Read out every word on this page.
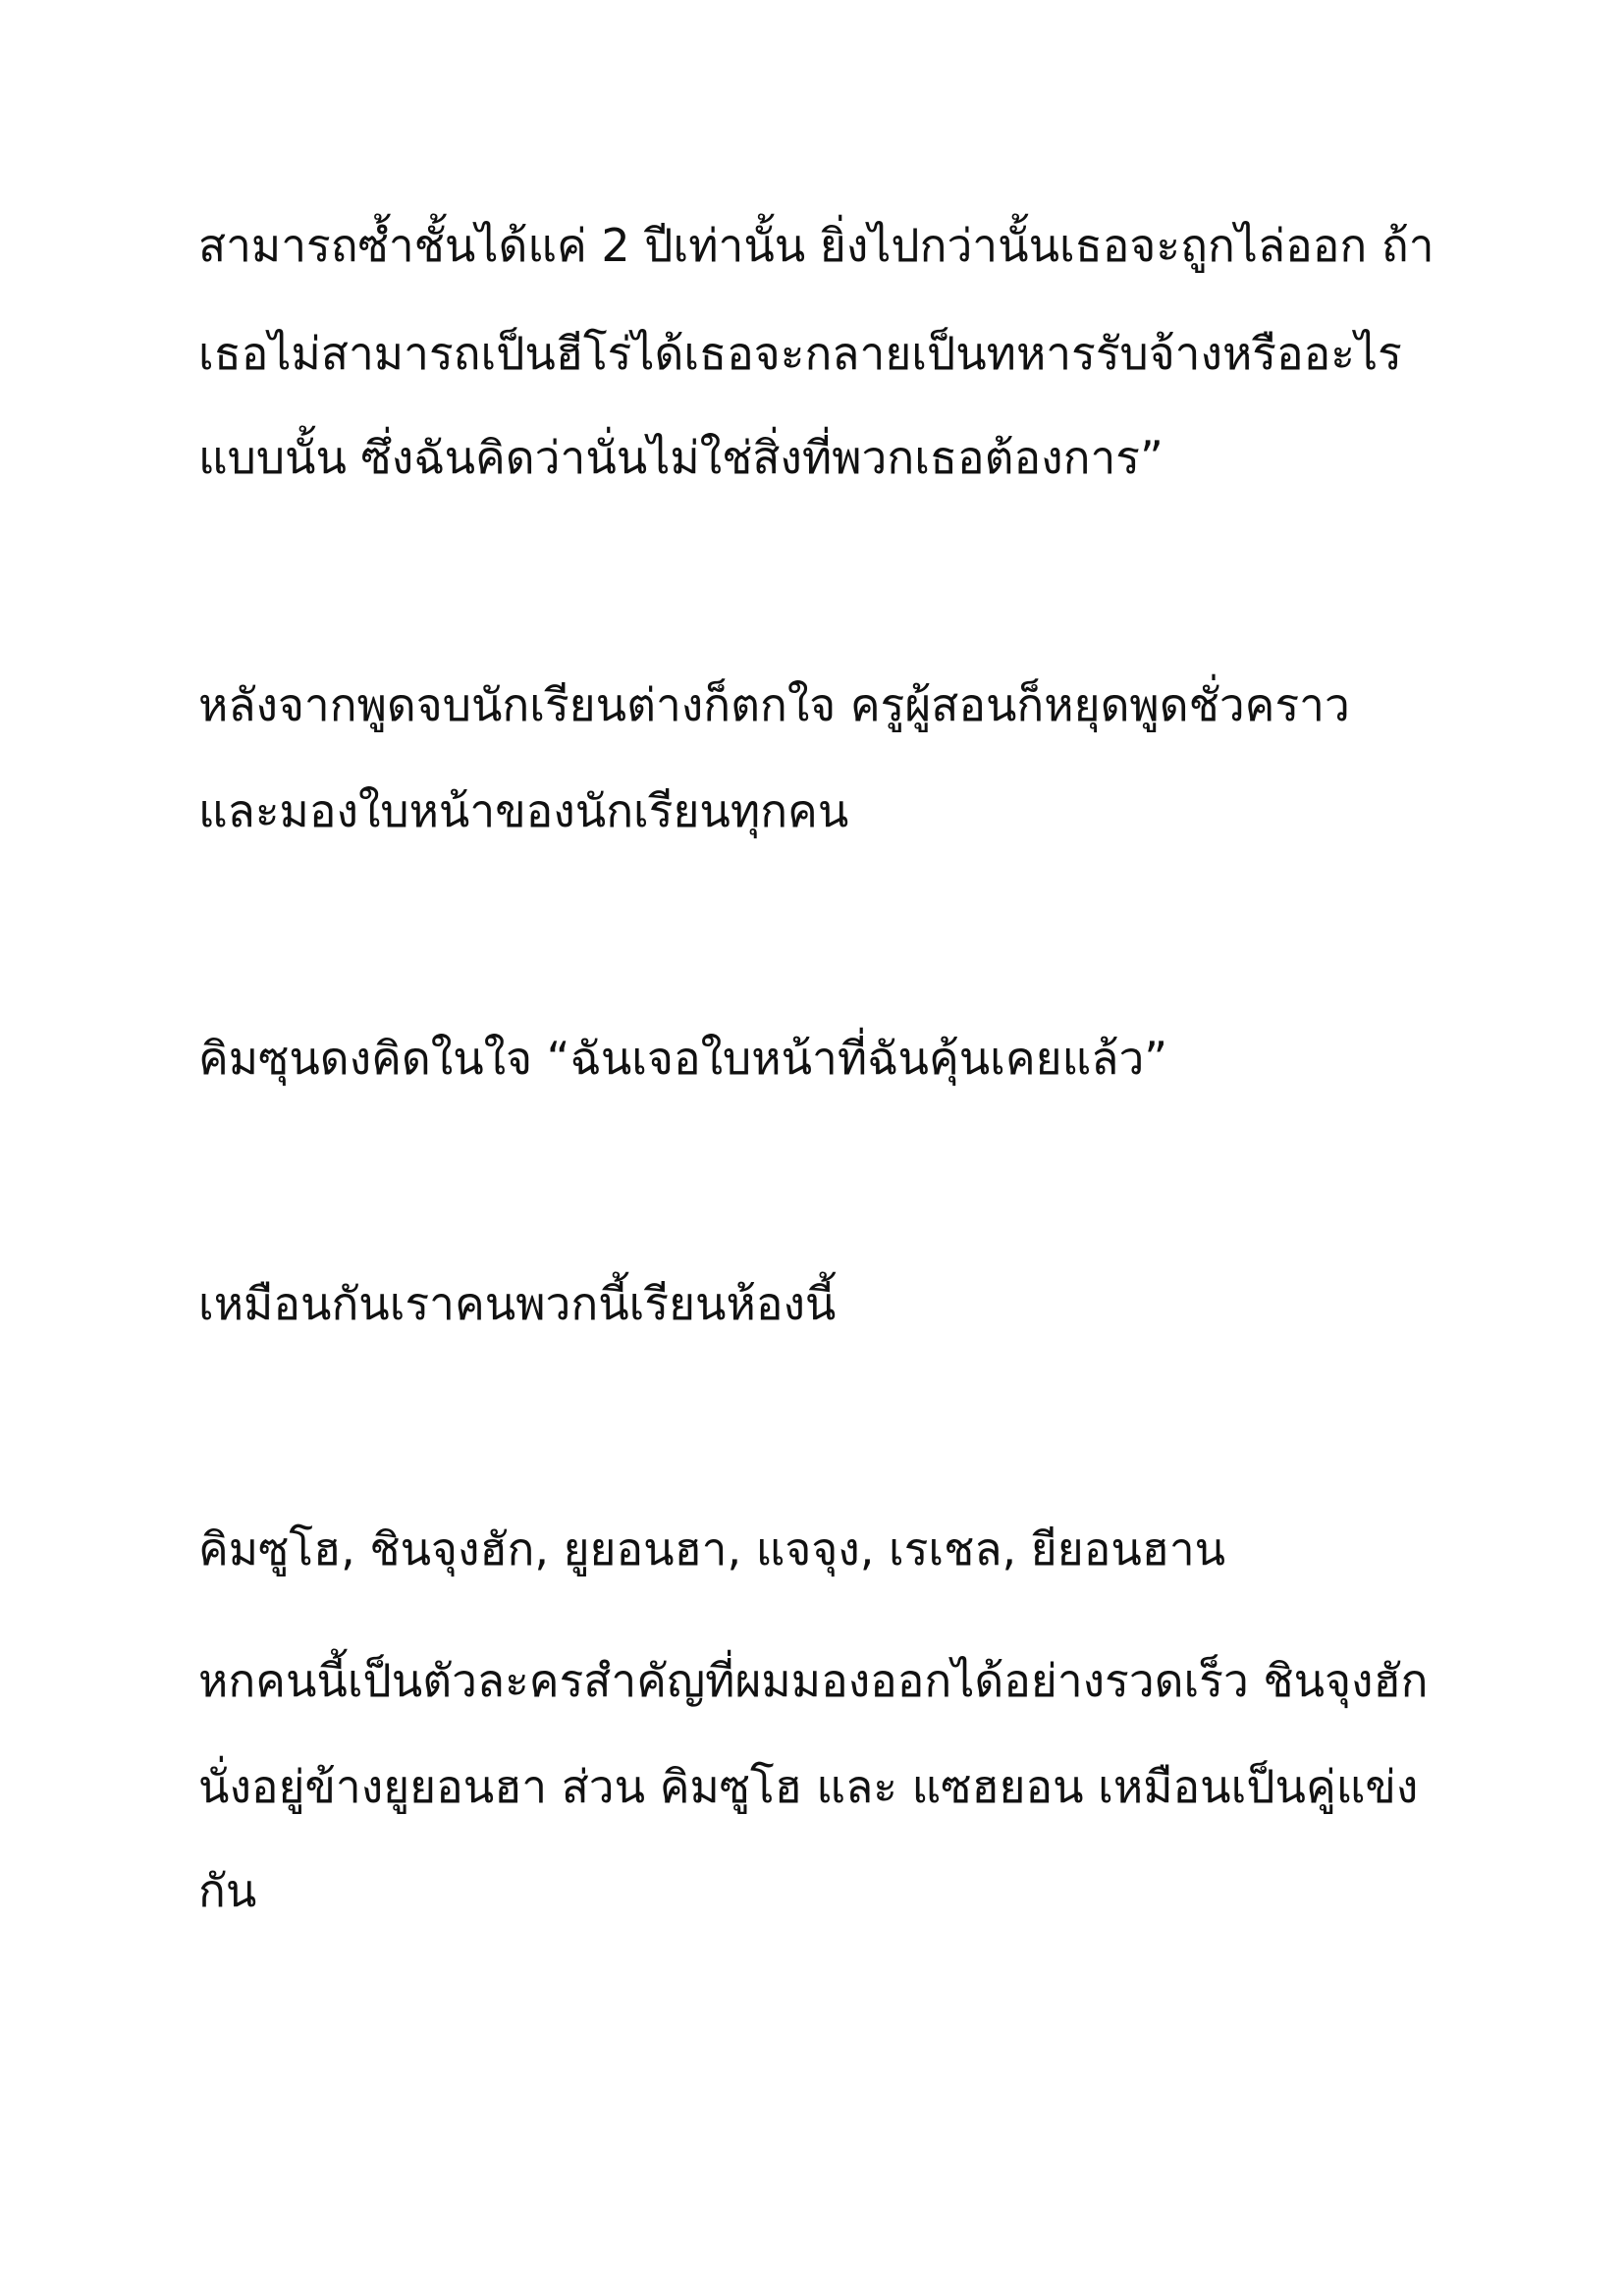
สามารถซ้ำชั้นได้แค่ 2 ปีเท่านั้น ยิ่งไปกว่านั้นเธอจะถูกไล่ออก ถ้า

เธอไม่สามารถเป็นฮีโร่ได้เธอจะกลายเป็นทหารรับจ้างหรืออะไร

แบบนั้น ซึ่งฉันคิดว่านั่นไม่ใช่สิ่งที่พวกเธอต้องการ”

หลังจากพูดจบนักเรียนต่างก็ตกใจ ครูผู้สอนก็หยุดพูดชั่วคราว

และมองใบหน้าของนักเรียนทุกคน

คิมซุนดงคิดในใจ “ฉันเจอใบหน้าที่ฉันคุ้นเคยแล้ว”

เหมือนกันเราคนพวกนี้เรียนห้องนี้

คิมซูโฮ, ชินจุงฮัก, ยูยอนฮา, แจจุง, เรเชล, ยียอนฮาน

หกคนนี้เป็นตัวละครสำคัญที่ผมมองออกได้อย่างรวดเร็ว ชินจุงฮัก

นั่งอยู่ข้างยูยอนฮา ส่วน คิมซูโฮ และ แซฮยอน เหมือนเป็นคู่แข่ง

กัน
